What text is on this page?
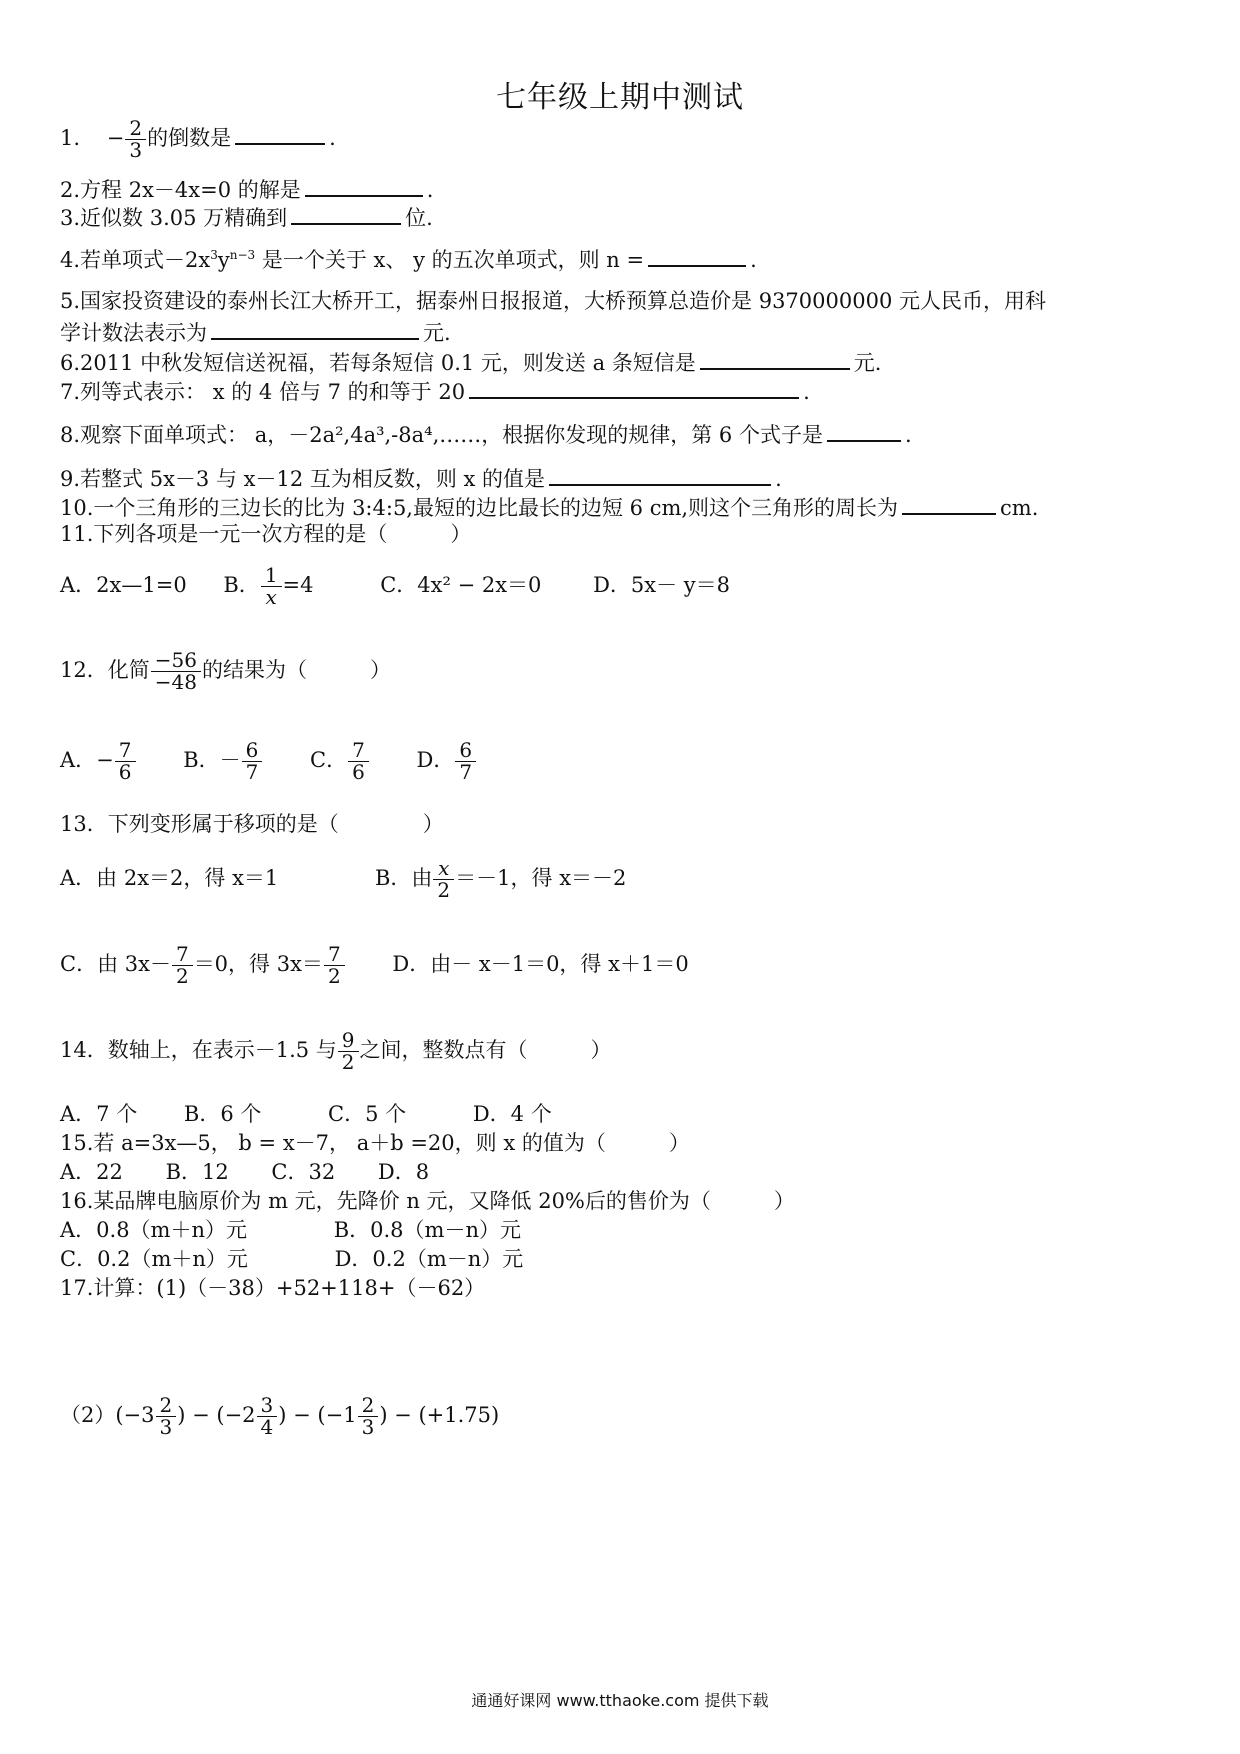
七年级上期中测试
1. − $\frac{2}{3}$ 的倒数是	.
2.方程 2x－4x=0 的解是	.
3.近似数 3.05 万精确到	位.
4.若单项式$-2x^3y^{n-3}$ 是一个关于 x、 y 的五次单项式，则 n =	.
5.国家投资建设的泰州长江大桥开工，据泰州日报报道，大桥预算总造价是 9370000000 元人民币，用科
学计数法表示为	元.
6.2011 中秋发短信送祝福，若每条短信 0.1 元，则发送 a 条短信是	元.
7.列等式表示： x 的 4 倍与 7 的和等于 20	.
8.观察下面单项式： a，－2a²,4a³,-8a⁴,……，根据你发现的规律，第 6 个式子是	.
9.若整式 5x－3 与 x－12 互为相反数，则 x 的值是	.
10.一个三角形的三边长的比为 3:4:5,最短的边比最长的边短 6 cm,则这个三角形的周长为	cm.
11.下列各项是一元一次方程的是（　　　）
A．2x—1=0 B． $\frac{1}{x} =4$	C．4x² − 2x＝0 D．5x－ y＝8
12．化简 $\frac{-56}{-48}$ 的结果为（　　　）
A．− $\frac{7}{6}$ B．－ $\frac{6}{7}$ C． $\frac{7}{6}$ D． $\frac{6}{7}$
13．下列变形属于移项的是（　　　　）
A．由 2x＝2，得 x＝1	B．由 $\frac{x}{2} =-1$，得 x＝－2
C．由 $3x- \frac{7}{2} =0$，得 $3x= \frac{7}{2}$ D．由－ x－1＝0，得 x＋1＝0
14．数轴上，在表示－1.5 与 $\frac{9}{2}$ 之间，整数点有（　　　）
A．7 个 B．6 个	C．5 个	D．4 个
15.若 a=3x—5， b = x－7， a＋b =20，则 x 的值为（　　　）
A．22 B．12 C．32 D．8
16.某品牌电脑原价为 m 元，先降价 n 元，又降低 20%后的售价为（　　　）
A．0.8（m＋n）元	B．0.8（m－n）元
C．0.2（m＋n）元	D．0.2（m－n）元
17.计算：(1)（－38）+52+118+（－62）
$(2)(-3 \frac{2}{3}$ ) − ($-2 \frac{3}{4}$ ) − ($-1 \frac{2}{3}$ ) − (+1.75)
通通好课网 www.tthaoke.com 提供下载
